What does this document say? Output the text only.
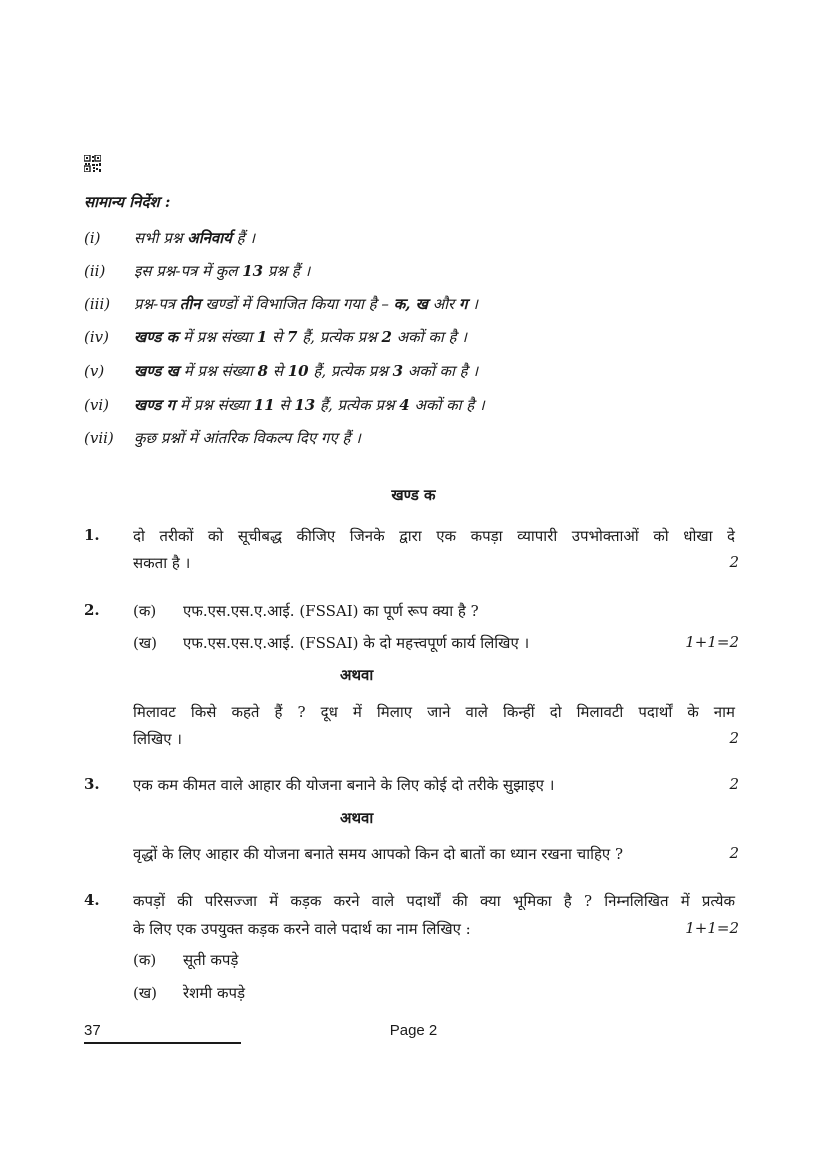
सामान्य निर्देश :
(i) सभी प्रश्न अनिवार्य हैं ।
(ii) इस प्रश्न-पत्र में कुल 13 प्रश्न हैं ।
(iii) प्रश्न-पत्र तीन खण्डों में विभाजित किया गया है – क, ख और ग ।
(iv) खण्ड क में प्रश्न संख्या 1 से 7 हैं, प्रत्येक प्रश्न 2 अकों का है ।
(v) खण्ड ख में प्रश्न संख्या 8 से 10 हैं, प्रत्येक प्रश्न 3 अकों का है ।
(vi) खण्ड ग में प्रश्न संख्या 11 से 13 हैं, प्रत्येक प्रश्न 4 अकों का है ।
(vii) कुछ प्रश्नों में आंतरिक विकल्प दिए गए हैं ।
खण्ड क
1. दो तरीकों को सूचीबद्ध कीजिए जिनके द्वारा एक कपड़ा व्यापारी उपभोक्ताओं को धोखा दे
सकता है ।	2
2. (क) एफ.एस.एस.ए.आई. (FSSAI) का पूर्ण रूप क्या है ?
(ख) एफ.एस.एस.ए.आई. (FSSAI) के दो महत्त्वपूर्ण कार्य लिखिए ।	1+1=2
अथवा
मिलावट किसे कहते हैं ? दूध में मिलाए जाने वाले किन्हीं दो मिलावटी पदार्थों के नाम
लिखिए ।	2
3. एक कम कीमत वाले आहार की योजना बनाने के लिए कोई दो तरीके सुझाइए ।	2
अथवा
वृद्धों के लिए आहार की योजना बनाते समय आपको किन दो बातों का ध्यान रखना चाहिए ?	2
4. कपड़ों की परिसज्जा में कड़क करने वाले पदार्थों की क्या भूमिका है ? निम्नलिखित में प्रत्येक
के लिए एक उपयुक्त कड़क करने वाले पदार्थ का नाम लिखिए :	1+1=2
(क) सूती कपड़े
(ख) रेशमी कपड़े
37	Page 2
